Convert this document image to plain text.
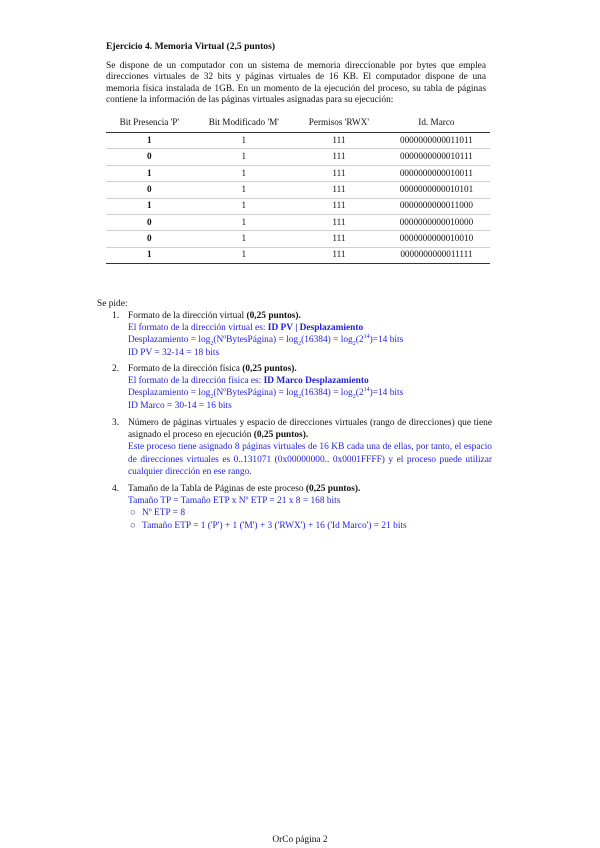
Ejercicio 4. Memoria Virtual (2,5 puntos)
Se dispone de un computador con un sistema de memoria direccionable por bytes que emplea direcciones virtuales de 32 bits y páginas virtuales de 16 KB. El computador dispone de una memoria física instalada de 1GB. En un momento de la ejecución del proceso, su tabla de páginas contiene la información de las páginas virtuales asignadas para su ejecución:
Bit Presencia 'P'	Bit Modificado 'M'	Permisos 'RWX'	Id. Marco
1	1	111	0000000000011011
0	1	111	0000000000010111
1	1	111	0000000000010011
0	1	111	0000000000010101
1	1	111	0000000000011000
0	1	111	0000000000010000
0	1	111	0000000000010010
1	1	111	0000000000011111
Se pide:
1. Formato de la dirección virtual (0,25 puntos).
El formato de la dirección virtual es: ID PV | Desplazamiento
Desplazamiento = $\log_2(NºBytesPágina) = \log_2(16384) = \log_2(2^{14})=14$ bits
ID PV = 32-14 = 18 bits
2. Formato de la dirección física (0,25 puntos).
El formato de la dirección física es: ID Marco Desplazamiento
Desplazamiento = $\log_2(NºBytesPágina) = \log_2(16384) = \log_2(2^{14})=14$ bits
ID Marco = 30-14 = 16 bits
3. Número de páginas virtuales y espacio de direcciones virtuales (rango de direcciones) que tiene asignado el proceso en ejecución (0,25 puntos).
Este proceso tiene asignado 8 páginas virtuales de 16 KB cada una de ellas, por tanto, el espacio de direcciones virtuales es 0..131071 (0x00000000.. 0x0001FFFF) y el proceso puede utilizar cualquier dirección en ese rango.
4. Tamaño de la Tabla de Páginas de este proceso (0,25 puntos).
Tamaño TP = Tamaño ETP x Nº ETP = 21 x 8 = 168 bits
○ Nº ETP = 8
○ Tamaño ETP = 1 ('P') + 1 ('M') + 3 ('RWX') + 16 ('Id Marco') = 21 bits
OrCo página 2
